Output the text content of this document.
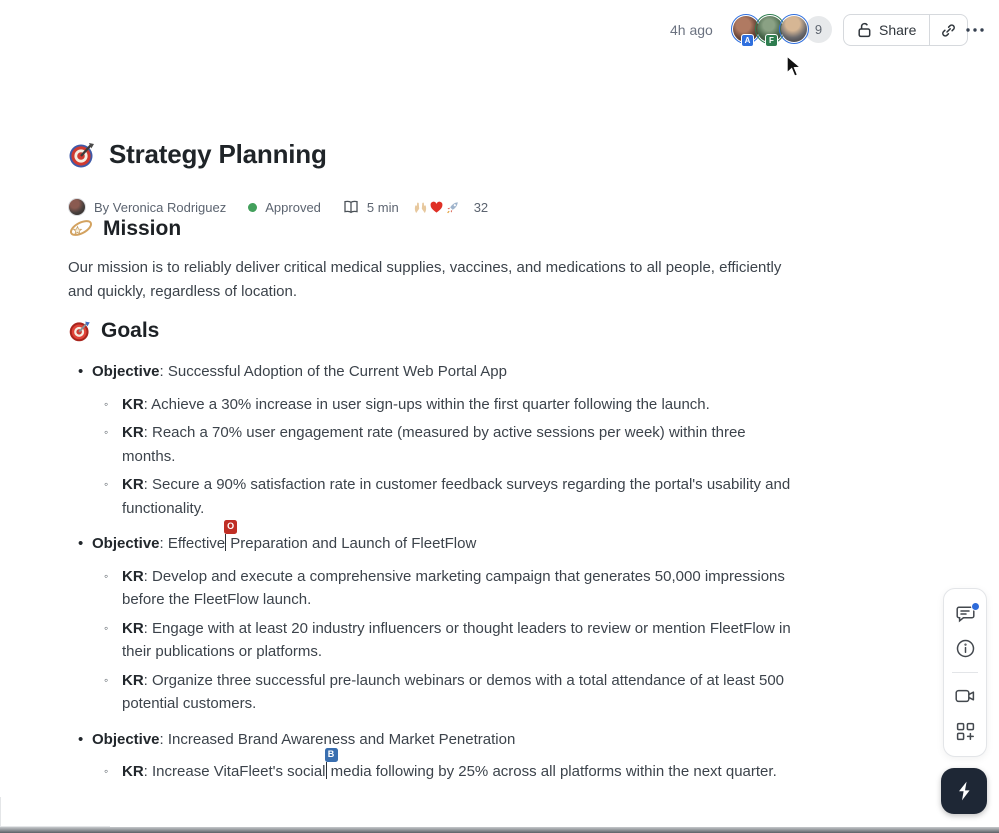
4h ago
A	F
9	Share
Strategy Planning
By Veronica Rodriguez	Approved	5 min	32
Mission

Our mission is to reliably deliver critical medical supplies, vaccines, and medications to all people, efficiently and quickly, regardless of location.

Goals
• Objective: Successful Adoption of the Current Web Portal App
◦ KR: Achieve a 30% increase in user sign-ups within the first quarter following the launch.
◦ KR: Reach a 70% user engagement rate (measured by active sessions per week) within three months.
◦ KR: Secure a 90% satisfaction rate in customer feedback surveys regarding the portal's usability and functionality.
• Objective: Effective
O
Preparation and Launch of FleetFlow
◦ KR: Develop and execute a comprehensive marketing campaign that generates 50,000 impressions before the FleetFlow launch.
◦ KR: Engage with at least 20 industry influencers or thought leaders to review or mention FleetFlow in their publications or platforms.
◦ KR: Organize three successful pre-launch webinars or demos with a total attendance of at least 500 potential customers.
• Objective: Increased Brand Awareness and Market Penetration
◦ KR: Increase VitaFleet's social
B
media following by 25% across all platforms within the next quarter.
